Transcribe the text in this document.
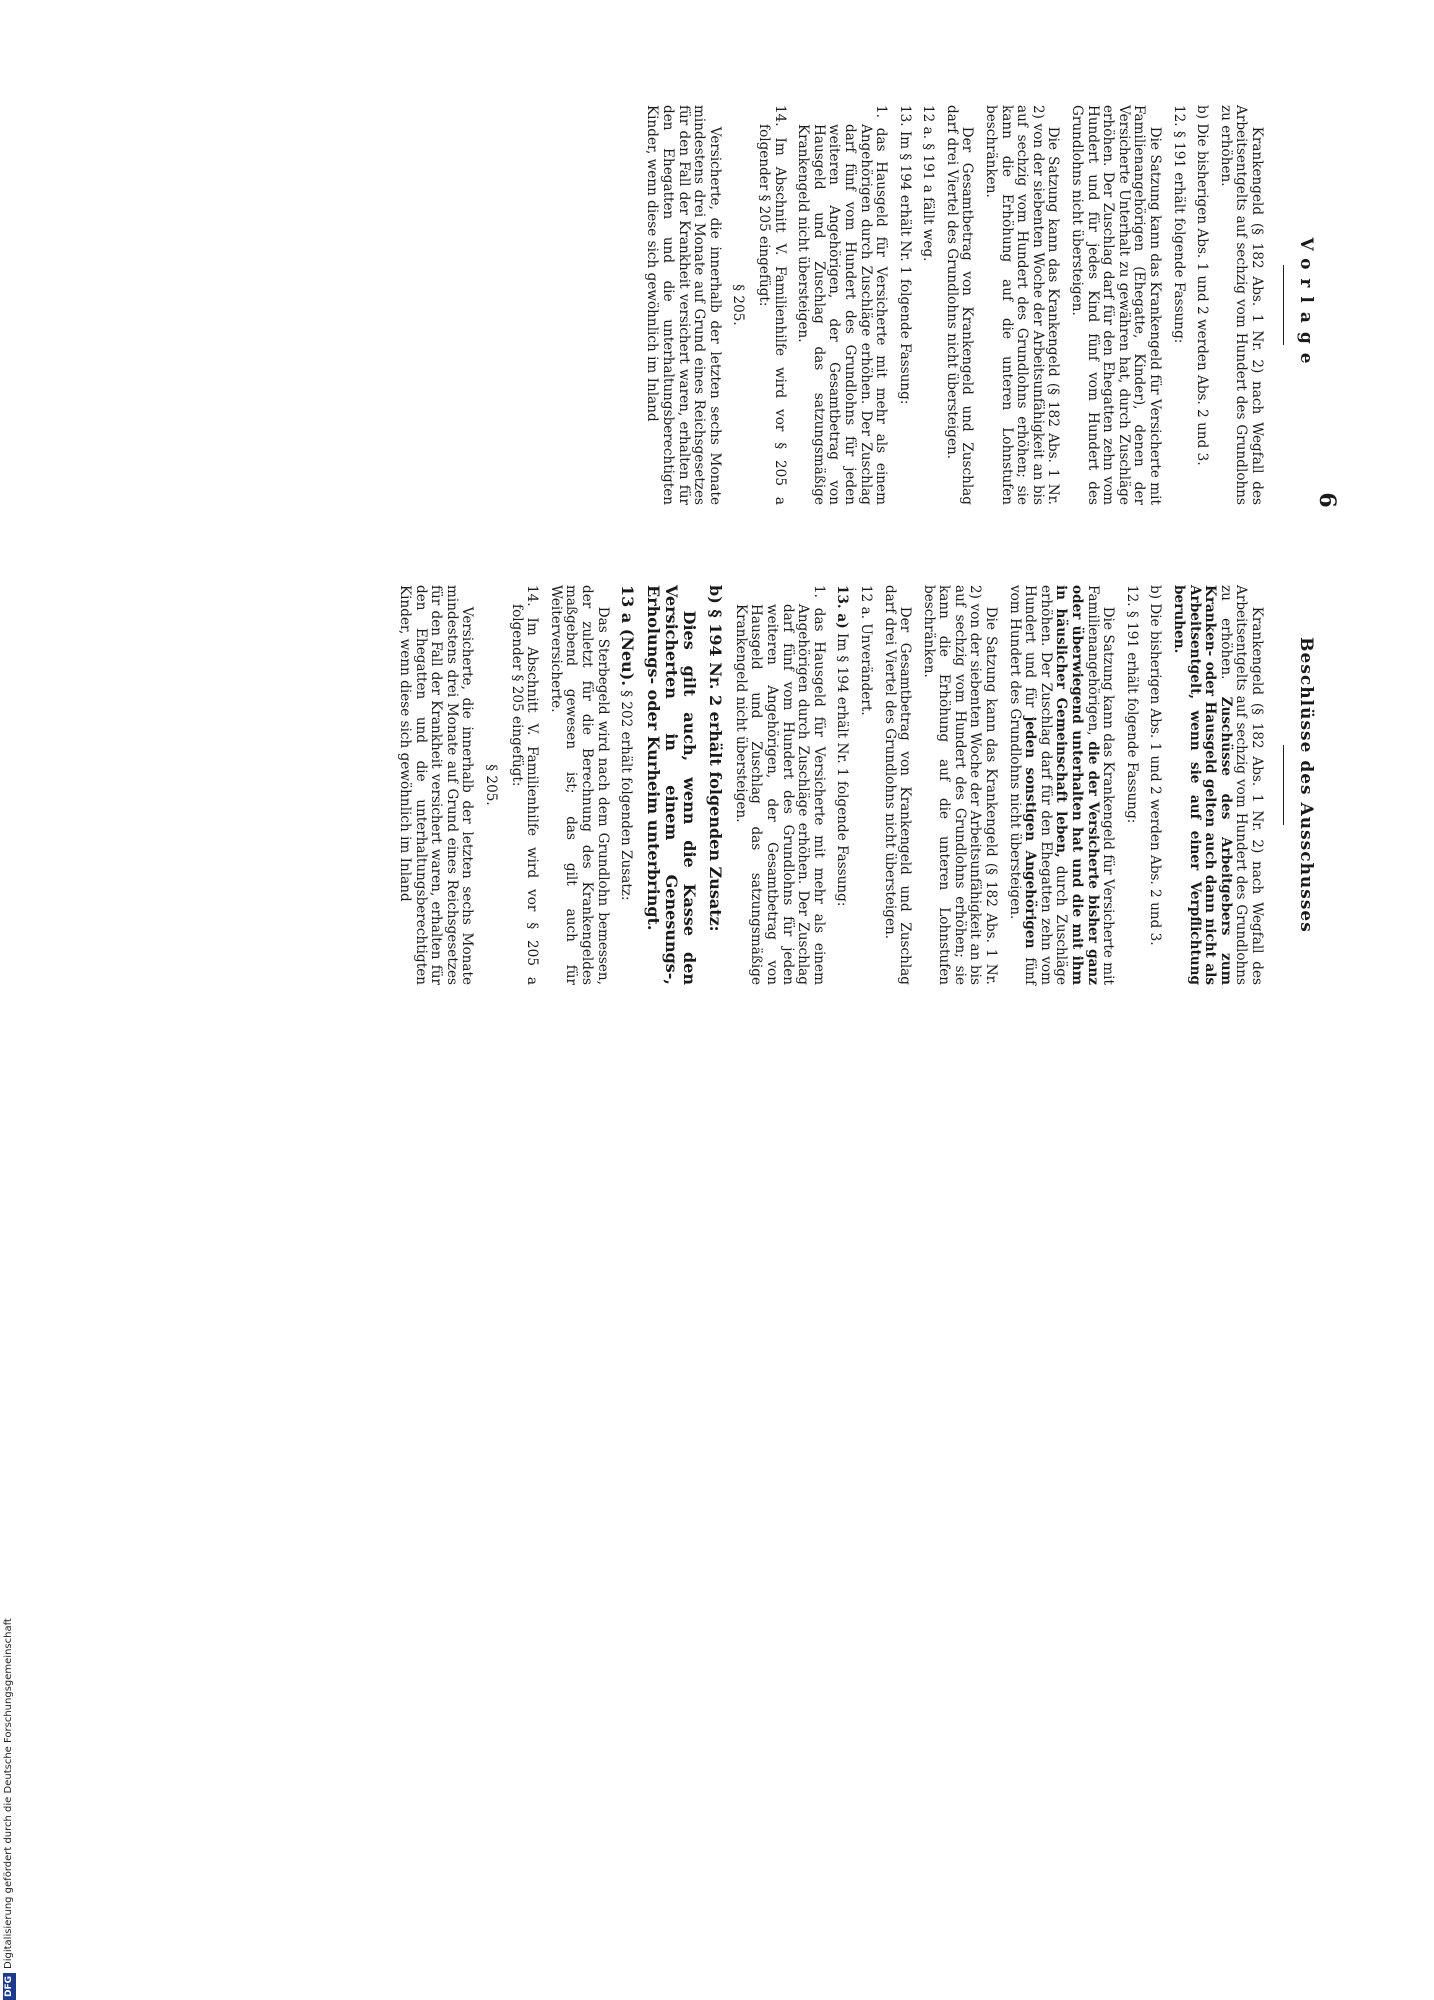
6
Vorlage
Beschlüsse des Ausschusses

Krankengeld (§ 182 Abs. 1 Nr. 2) nach Wegfall des Arbeitsentgelts auf sechzig vom Hundert des Grundlohns zu erhöhen.

b) Die bisherigen Abs. 1 und 2 werden Abs. 2 und 3.

12. § 191 erhält folgende Fassung:

Die Satzung kann das Krankengeld für Versicherte mit Familienangehörigen (Ehegatte, Kinder), denen der Versicherte Unterhalt zu gewähren hat, durch Zuschläge erhöhen. Der Zuschlag darf für den Ehegatten zehn vom Hundert und für jedes Kind fünf vom Hundert des Grundlohns nicht übersteigen.

Die Satzung kann das Krankengeld (§ 182 Abs. 1 Nr. 2) von der siebenten Woche der Arbeitsunfähigkeit an bis auf sechzig vom Hundert des Grundlohns erhöhen; sie kann die Erhöhung auf die unteren Lohnstufen beschränken.

Der Gesamtbetrag von Krankengeld und Zuschlag darf drei Viertel des Grundlohns nicht übersteigen.

12 a. § 191 a fällt weg.

13. Im § 194 erhält Nr. 1 folgende Fassung:

1. das Hausgeld für Versicherte mit mehr als einem Angehörigen durch Zuschläge erhöhen. Der Zuschlag darf fünf vom Hundert des Grundlohns für jeden weiteren Angehörigen, der Gesamtbetrag von Hausgeld und Zuschlag das satzungsmäßige Krankengeld nicht übersteigen.

14. Im Abschnitt V. Familienhilfe wird vor § 205 a folgender § 205 eingefügt:

§ 205.

Versicherte, die innerhalb der letzten sechs Monate mindestens drei Monate auf Grund eines Reichsgesetzes für den Fall der Krankheit versichert waren, erhalten für den Ehegatten und die unterhaltungsberechtigten Kinder, wenn diese sich gewöhnlich im Inland

Krankengeld (§ 182 Abs. 1 Nr. 2) nach Wegfall des Arbeitsentgelts auf sechzig vom Hundert des Grundlohns zu erhöhen. Zuschüsse des Arbeitgebers zum Kranken- oder Hausgeld gelten auch dann nicht als Arbeitsentgelt, wenn sie auf einer Verpflichtung beruhen.

b) Die bisherigen Abs. 1 und 2 werden Abs. 2 und 3.

12. § 191 erhält folgende Fassung:

Die Satzung kann das Krankengeld für Versicherte mit Familienangehörigen, die der Versicherte bisher ganz oder überwiegend unterhalten hat und die mit ihm in häuslicher Gemeinschaft leben, durch Zuschläge erhöhen. Der Zuschlag darf für den Ehegatten zehn vom Hundert und für jeden sonstigen Angehörigen fünf vom Hundert des Grundlohns nicht übersteigen.

Die Satzung kann das Krankengeld (§ 182 Abs. 1 Nr. 2) von der siebenten Woche der Arbeitsunfähigkeit an bis auf sechzig vom Hundert des Grundlohns erhöhen; sie kann die Erhöhung auf die unteren Lohnstufen beschränken.

Der Gesamtbetrag von Krankengeld und Zuschlag darf drei Viertel des Grundlohns nicht übersteigen.

12 a. Unverändert.

13. a) Im § 194 erhält Nr. 1 folgende Fassung:

1. das Hausgeld für Versicherte mit mehr als einem Angehörigen durch Zuschläge erhöhen. Der Zuschlag darf fünf vom Hundert des Grundlohns für jeden weiteren Angehörigen, der Gesamtbetrag von Hausgeld und Zuschlag das satzungsmäßige Krankengeld nicht übersteigen.

b) § 194 Nr. 2 erhält folgenden Zusatz:

Dies gilt auch, wenn die Kasse den Versicherten in einem Genesungs-, Erholungs- oder Kurheim unterbringt.

13 a (Neu). § 202 erhält folgenden Zusatz:

Das Sterbegeld wird nach dem Grundlohn bemessen, der zuletzt für die Berechnung des Krankengeldes maßgebend gewesen ist; das gilt auch für Weiterversicherte.

14. Im Abschnitt V. Familienhilfe wird vor § 205 a folgender § 205 eingefügt:

§ 205.

Versicherte, die innerhalb der letzten sechs Monate mindestens drei Monate auf Grund eines Reichsgesetzes für den Fall der Krankheit versichert waren, erhalten für den Ehegatten und die unterhaltungsberechtigten Kinder, wenn diese sich gewöhnlich im Inland

DFGDigitalisierung gefördert durch die Deutsche Forschungsgemeinschaft
